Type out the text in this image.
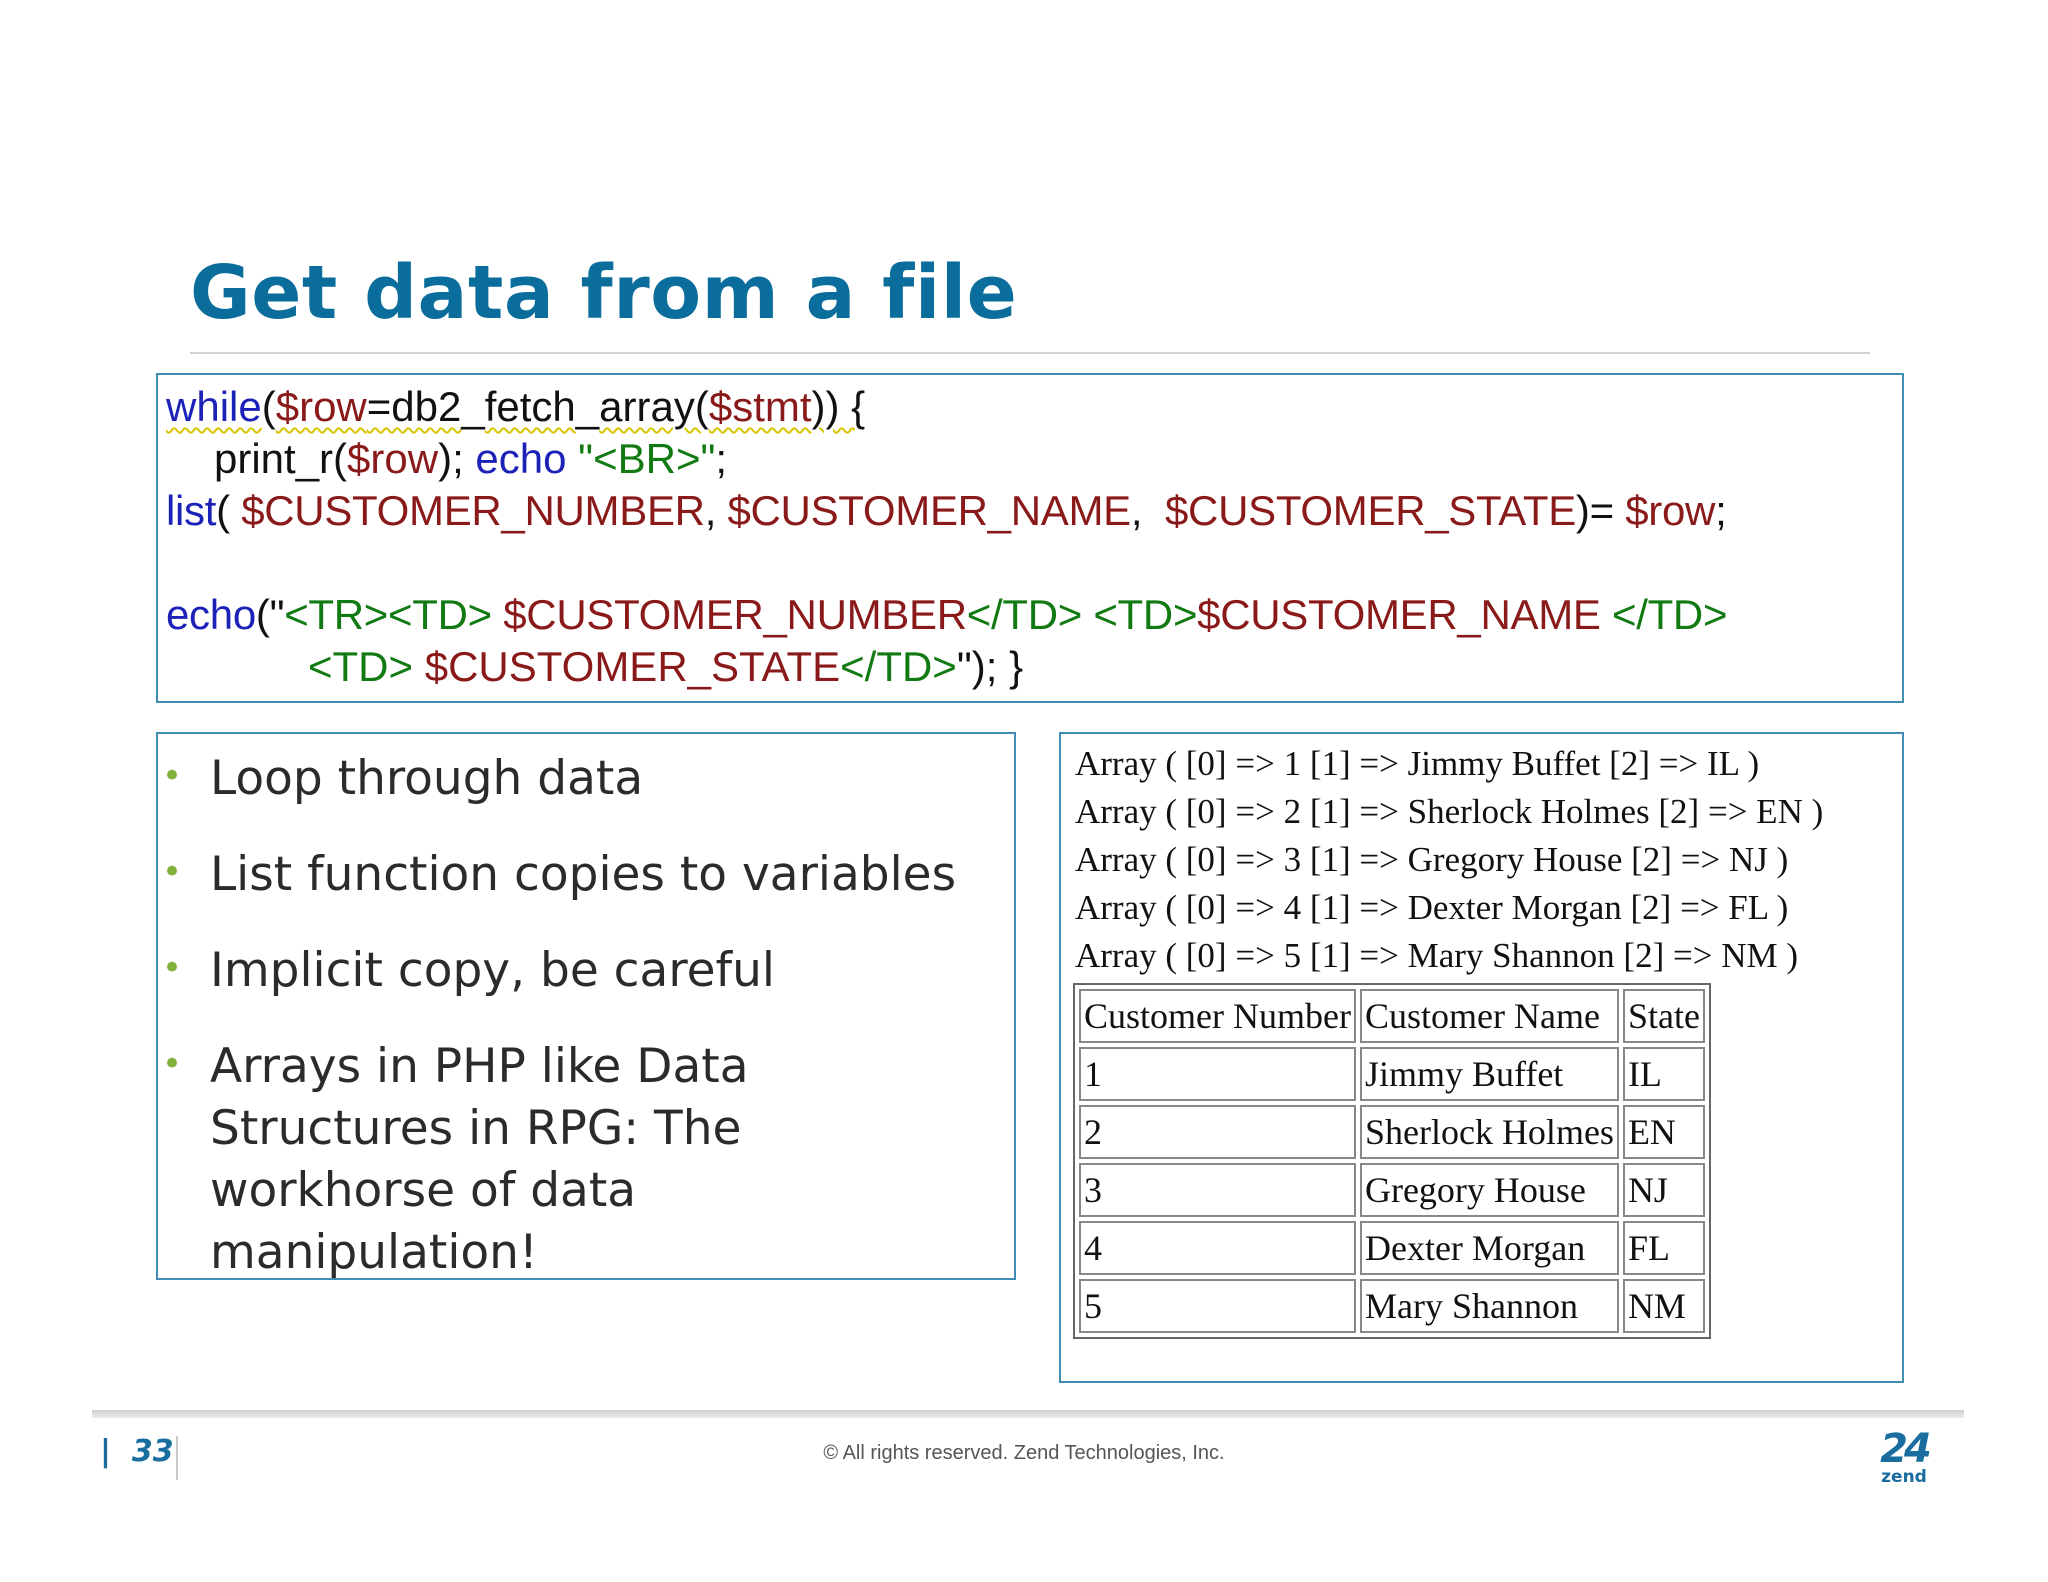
Get data from a file
while($row=db2_fetch_array($stmt)) {
print_r($row); echo "<BR>";
list( $CUSTOMER_NUMBER, $CUSTOMER_NAME,  $CUSTOMER_STATE)= $row;
echo("<TR><TD> $CUSTOMER_NUMBER</TD> <TD>$CUSTOMER_NAME </TD>
<TD> $CUSTOMER_STATE</TD>"); }
• Loop through data
• List function copies to variables
• Implicit copy, be careful
• Arrays in PHP like Data Structures in RPG: The workhorse of data manipulation!
Array ( [0] => 1 [1] => Jimmy Buffet [2] => IL )
Array ( [0] => 2 [1] => Sherlock Holmes [2] => EN )
Array ( [0] => 3 [1] => Gregory House [2] => NJ )
Array ( [0] => 4 [1] => Dexter Morgan [2] => FL )
Array ( [0] => 5 [1] => Mary Shannon [2] => NM )
Customer Number	Customer Name	State
1	Jimmy Buffet	IL
2	Sherlock Holmes	EN
3	Gregory House	NJ
4	Dexter Morgan	FL
5	Mary Shannon	NM
| 33	© All rights reserved. Zend Technologies, Inc.	24
zend
